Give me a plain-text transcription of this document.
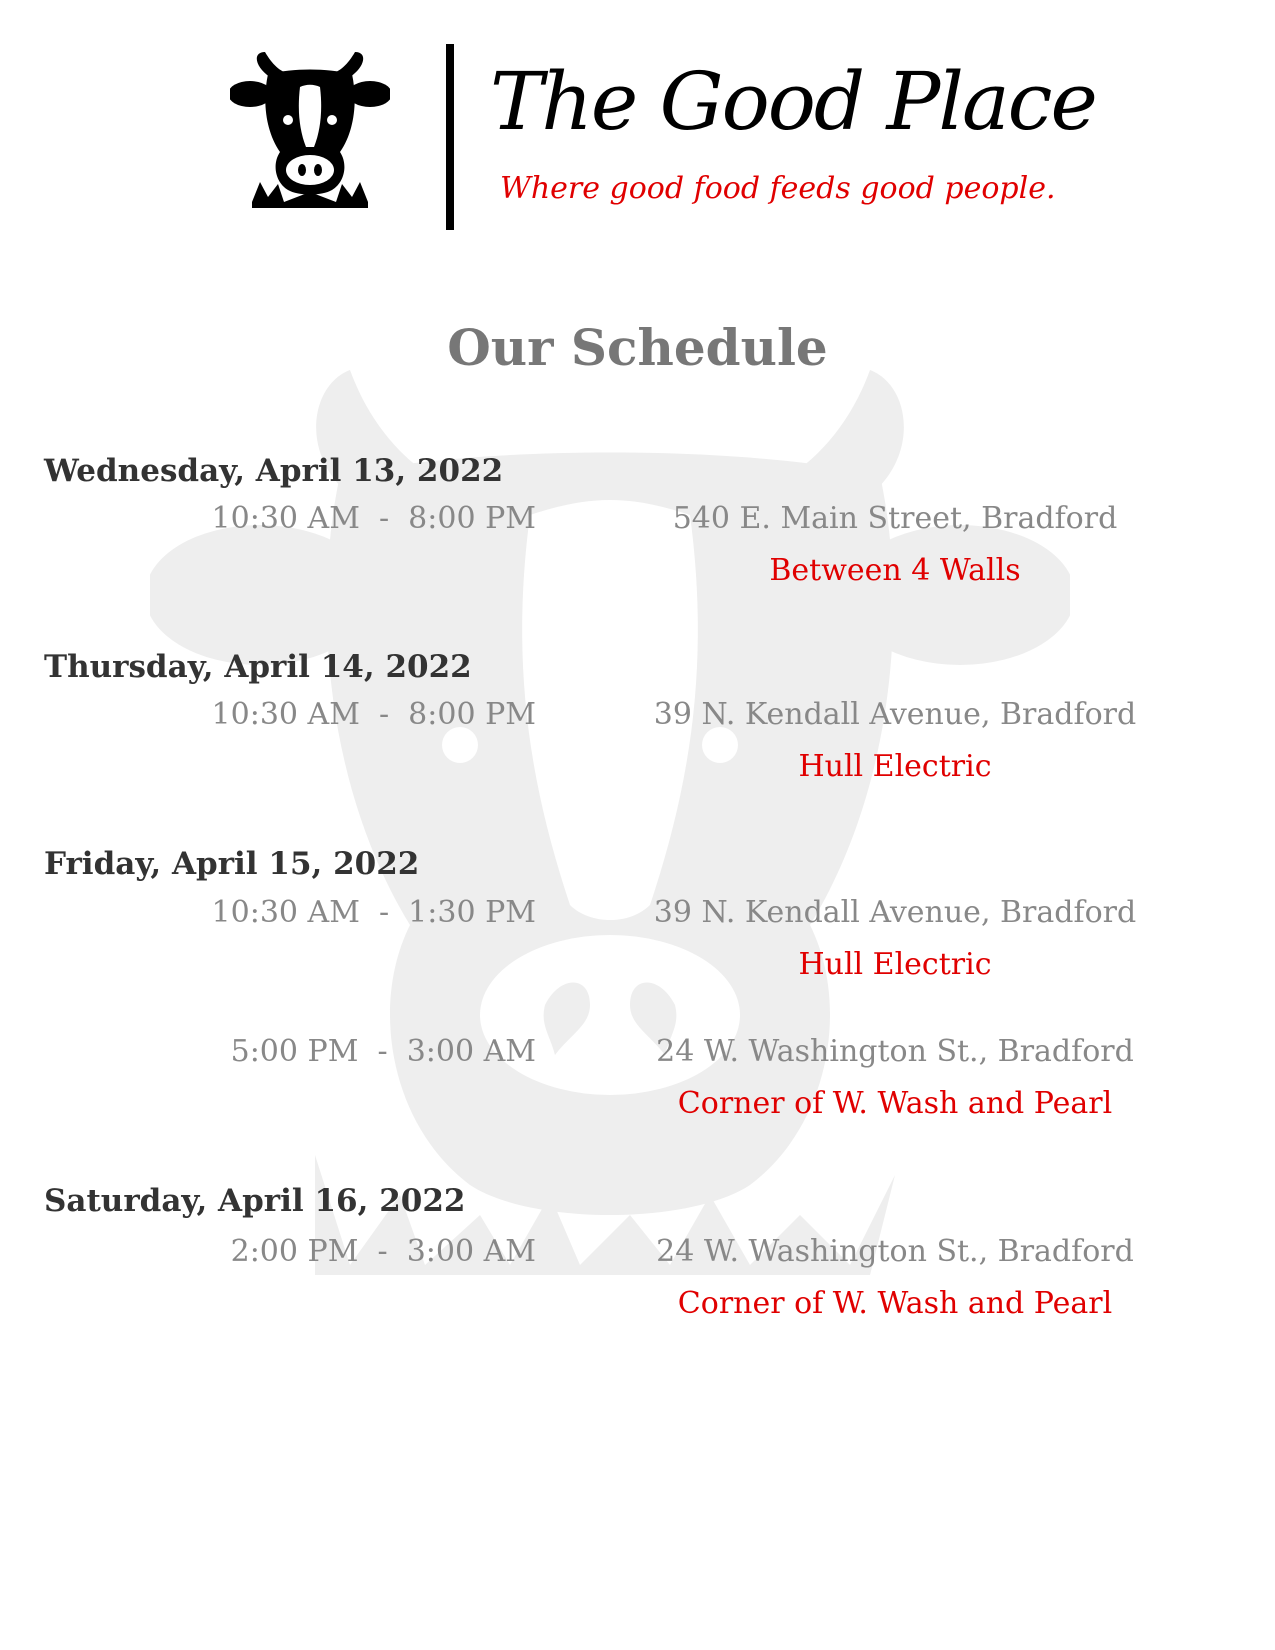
The Good Place
Where good food feeds good people.
Our Schedule
Wednesday, April 13, 2022
10:30 AM  -  8:00 PM	540 E. Main Street, Bradford
Between 4 Walls
Thursday, April 14, 2022
10:30 AM  -  8:00 PM	39 N. Kendall Avenue, Bradford
Hull Electric
Friday, April 15, 2022
10:30 AM  -  1:30 PM	39 N. Kendall Avenue, Bradford
Hull Electric
5:00 PM  -  3:00 AM	24 W. Washington St., Bradford
Corner of W. Wash and Pearl
Saturday, April 16, 2022
2:00 PM  -  3:00 AM	24 W. Washington St., Bradford
Corner of W. Wash and Pearl
